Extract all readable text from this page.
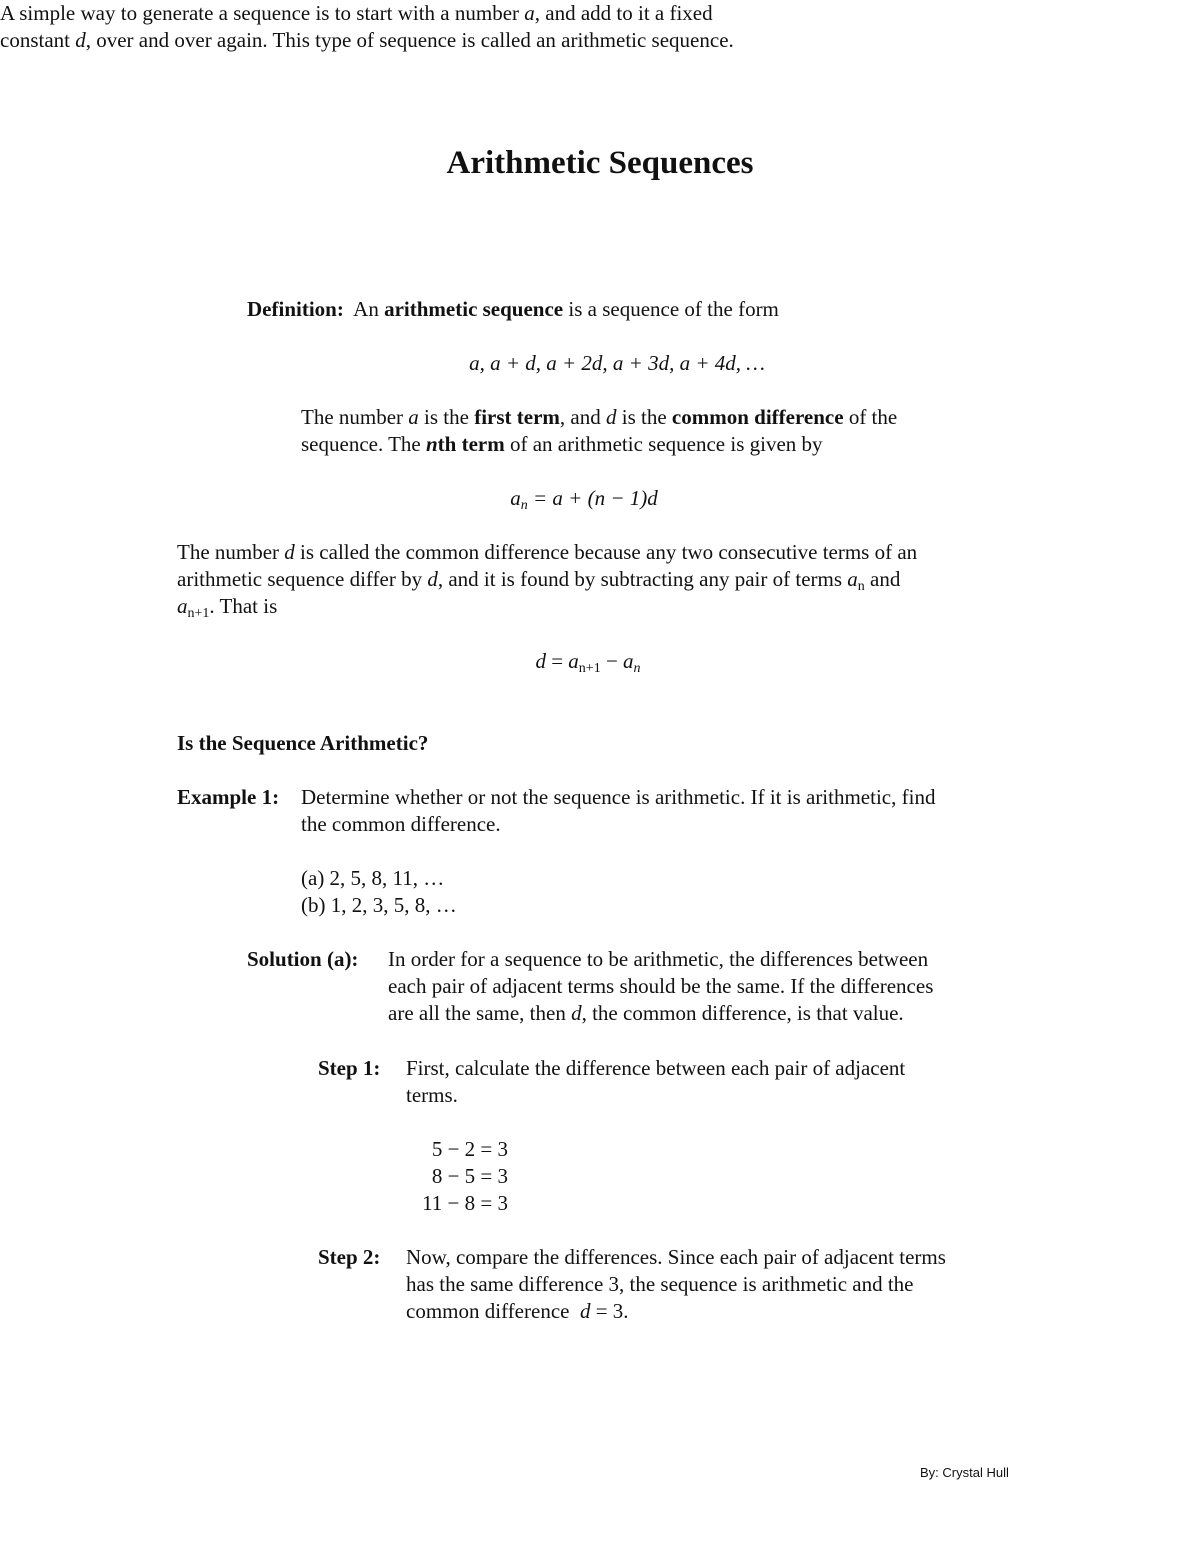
Arithmetic Sequences

A simple way to generate a sequence is to start with a number a, and add to it a fixed

constant d, over and over again. This type of sequence is called an arithmetic sequence.

Definition:  An arithmetic sequence is a sequence of the form
a, a + d, a + 2d, a + 3d, a + 4d, …
The number a is the first term, and d is the common difference of the
sequence. The nth term of an arithmetic sequence is given by
$a_n = a + (n - 1)d$
The number d is called the common difference because any two consecutive terms of an
arithmetic sequence differ by d, and it is found by subtracting any pair of terms $a_n$ and
$a_{n+1}$. That is
$d = a_{n+1} - a_n$
Is the Sequence Arithmetic?
Example 1: Determine whether or not the sequence is arithmetic. If it is arithmetic, find
the common difference.
(a) 2, 5, 8, 11, …
(b) 1, 2, 3, 5, 8, …
Solution (a): In order for a sequence to be arithmetic, the differences between
each pair of adjacent terms should be the same. If the differences
are all the same, then d, the common difference, is that value.
Step 1: First, calculate the difference between each pair of adjacent
terms.
5 − 2 = 3
8 − 5 = 3
11 − 8 = 3
Step 2: Now, compare the differences. Since each pair of adjacent terms
has the same difference 3, the sequence is arithmetic and the
common difference  d = 3.
By: Crystal Hull
